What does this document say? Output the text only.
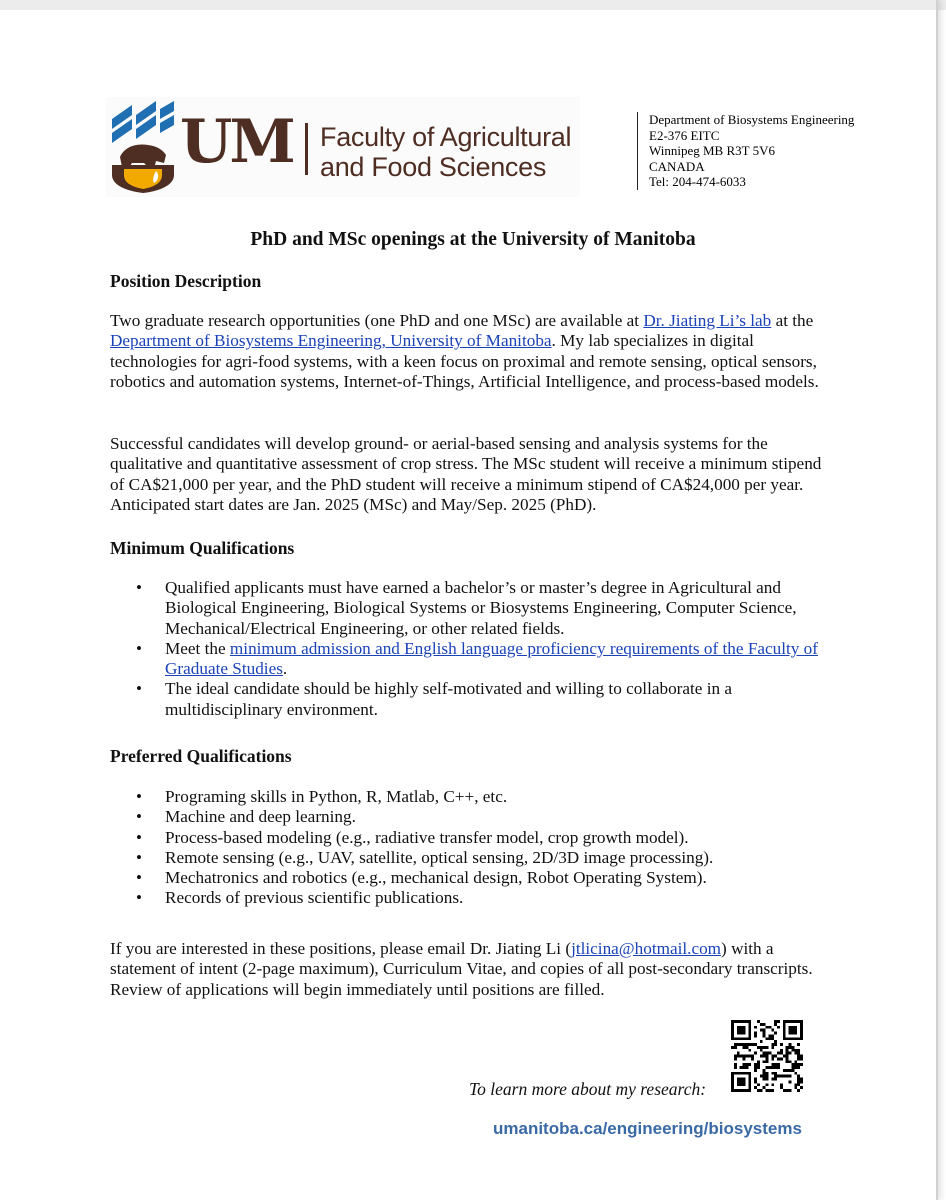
UM Faculty of Agricultural
and Food Sciences
Department of Biosystems Engineering
E2-376 EITC
Winnipeg MB R3T 5V6
CANADA
Tel: 204-474-6033
PhD and MSc openings at the University of Manitoba
Position Description
Two graduate research opportunities (one PhD and one MSc) are available at Dr. Jiating Li’s lab at the Department of Biosystems Engineering, University of Manitoba. My lab specializes in digital technologies for agri-food systems, with a keen focus on proximal and remote sensing, optical sensors, robotics and automation systems, Internet-of-Things, Artificial Intelligence, and process-based models.
Successful candidates will develop ground- or aerial-based sensing and analysis systems for the qualitative and quantitative assessment of crop stress. The MSc student will receive a minimum stipend of CA$21,000 per year, and the PhD student will receive a minimum stipend of CA$24,000 per year. Anticipated start dates are Jan. 2025 (MSc) and May/Sep. 2025 (PhD).
Minimum Qualifications
• Qualified applicants must have earned a bachelor’s or master’s degree in Agricultural and Biological Engineering, Biological Systems or Biosystems Engineering, Computer Science, Mechanical/Electrical Engineering, or other related fields.
• Meet the minimum admission and English language proficiency requirements of the Faculty of Graduate Studies.
• The ideal candidate should be highly self-motivated and willing to collaborate in a multidisciplinary environment.
Preferred Qualifications
• Programing skills in Python, R, Matlab, C++, etc.
• Machine and deep learning.
• Process-based modeling (e.g., radiative transfer model, crop growth model).
• Remote sensing (e.g., UAV, satellite, optical sensing, 2D/3D image processing).
• Mechatronics and robotics (e.g., mechanical design, Robot Operating System).
• Records of previous scientific publications.
If you are interested in these positions, please email Dr. Jiating Li (jtlicina@hotmail.com) with a statement of intent (2-page maximum), Curriculum Vitae, and copies of all post-secondary transcripts. Review of applications will begin immediately until positions are filled.
To learn more about my research:
umanitoba.ca/engineering/biosystems
